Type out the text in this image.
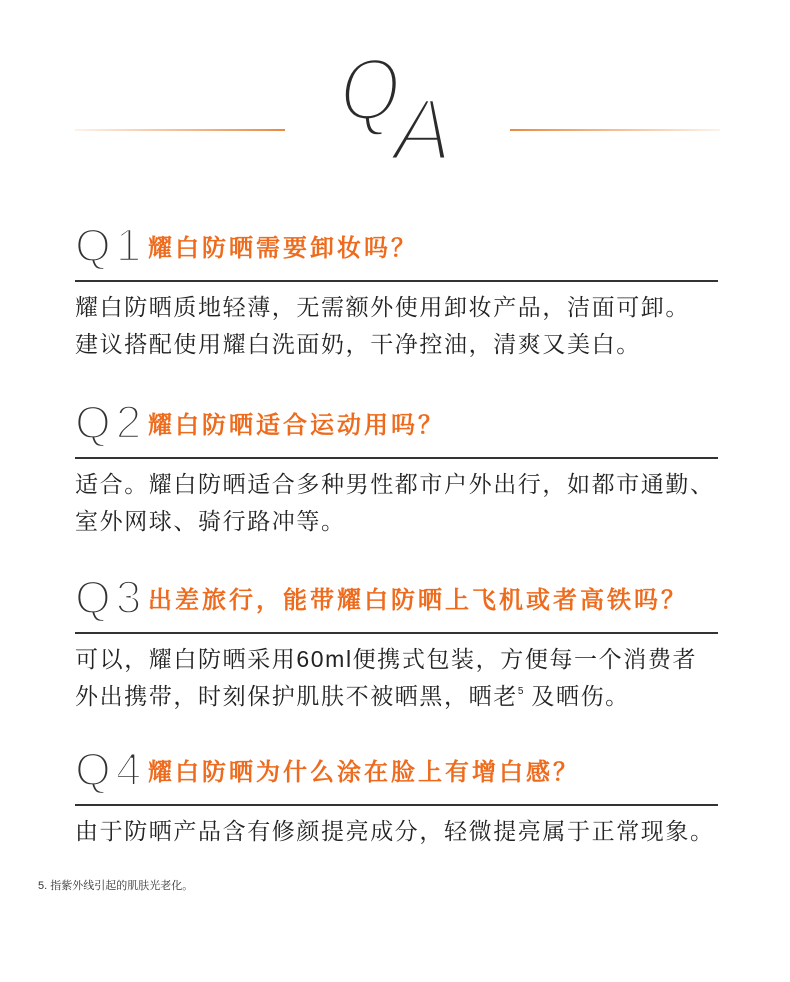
Q
A
Q1 耀白防晒需要卸妆吗？
耀白防晒质地轻薄，无需额外使用卸妆产品，洁面可卸。
建议搭配使用耀白洗面奶，干净控油，清爽又美白。
Q2 耀白防晒适合运动用吗？
适合。耀白防晒适合多种男性都市户外出行，如都市通勤、
室外网球、骑行路冲等。
Q3 出差旅行，能带耀白防晒上飞机或者高铁吗？
可以，耀白防晒采用60ml便携式包装，方便每一个消费者
外出携带，时刻保护肌肤不被晒黑，晒老$^5$ 及晒伤。
Q4 耀白防晒为什么涂在脸上有增白感？
由于防晒产品含有修颜提亮成分，轻微提亮属于正常现象。
5. 指紫外线引起的肌肤光老化。
